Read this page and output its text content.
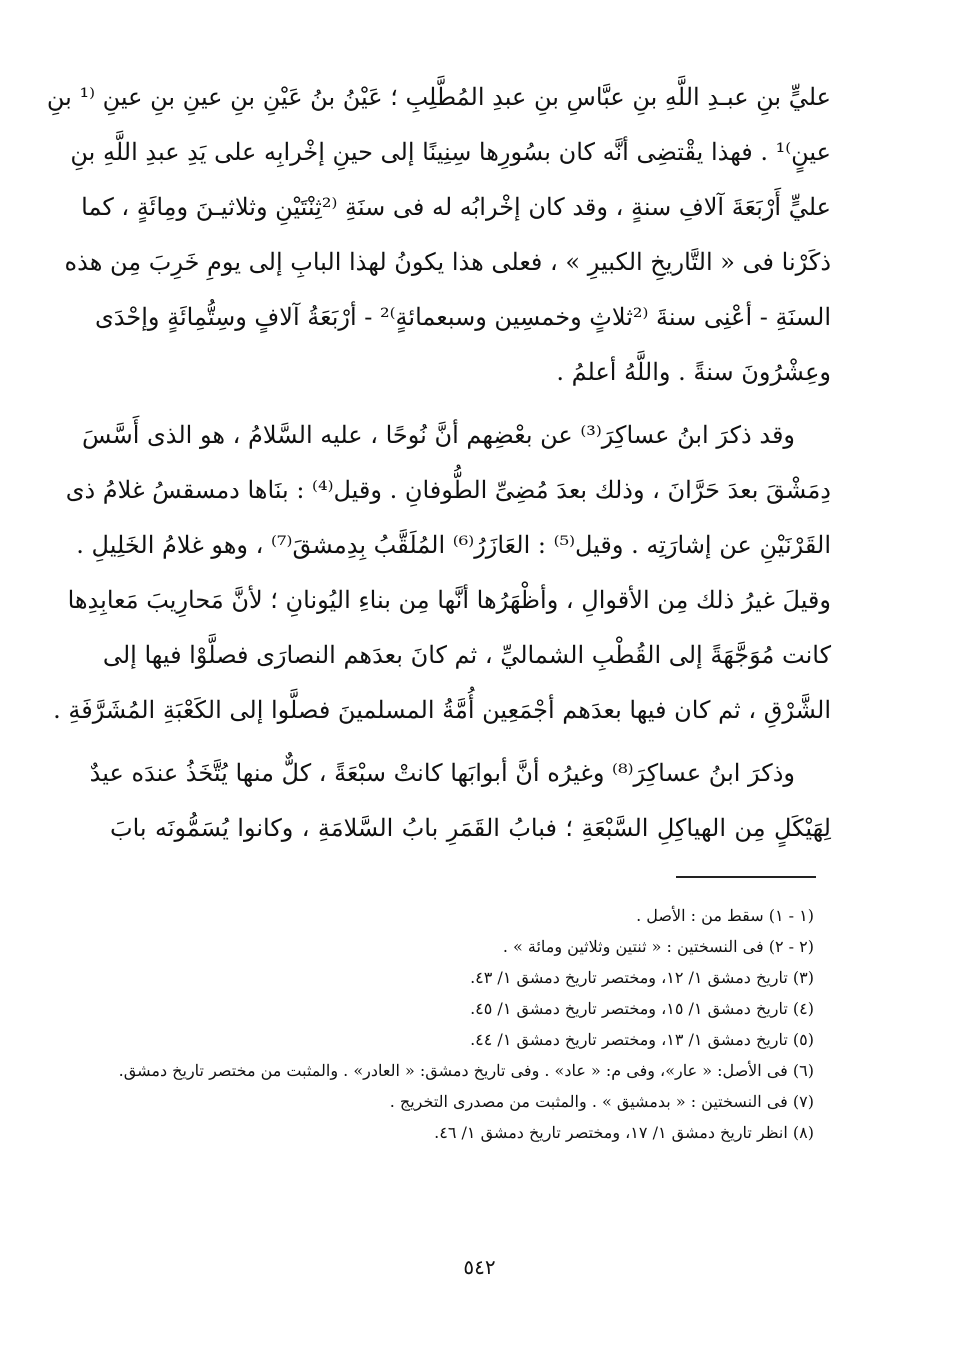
عليٍّ بنِ عبـدِ اللَّهِ بنِ عبَّاسِ بنِ عبدِ المُطَّلِبِ ؛ عَيْنُ بنُ عَيْنِ بنِ عينِ بنِ عينِ ⁽¹ بنِ
عينٍ⁾¹ . فهذا يقْتضِى أنَّه كان بسُورِها سِنِينًا إلى حينِ إخْرابِه على يَدِ عبدِ اللَّهِ بنِ
عليٍّ أَرْبَعَةَ آلافِ سنةٍ ، وقد كان إخْرابُه له فى سنَةِ ⁽²ثِنْتَيْنِ وثلاثيـنَ ومِائَةٍ ، كما
ذكَرْنا فى « التَّاريخِ الكبيرِ » ، فعلى هذا يكونُ لهذا البابِ إلى يومِ خَرِبَ مِن هذه
السنَةِ - أعْنِى سنةَ ⁽²ثلاثٍ وخمسِين وسبعمائةٍ⁾² - أرْبَعَةُ آلافٍ وسِتُّمِائَةٍ وإحْدَى
وعِشْرُونَ سنةً . واللَّهُ أعلمُ .
وقد ذكرَ ابنُ عساكِرَ⁽³⁾ عن بعْضِهم أنَّ نُوحًا ، عليه السَّلامُ ، هو الذى أَسَّسَ
دِمَشْقَ بعدَ حَرَّانَ ، وذلك بعدَ مُضِىِّ الطُّوفانِ . وقيل⁽⁴⁾ : بنَاها دمسقسُ غلامُ ذى
القَرْنَيْنِ عن إشارَتِه . وقيل⁽⁵⁾ : العَازَرُ⁽⁶⁾ المُلَقَّبُ بِدِمشقَ⁽⁷⁾ ، وهو غلامُ الخَلِيلِ .
وقيلَ غيرُ ذلك مِن الأقوالِ ، وأظْهَرُها أنَّها مِن بناءِ اليُونانِ ؛ لأنَّ مَحارِيبَ مَعابِدِها
كانت مُوَجَّهَةً إلى القُطْبِ الشماليِّ ، ثم كانَ بعدَهم النصارَى فصلَّوْا فيها إلى
الشَّرْقِ ، ثم كان فيها بعدَهم أجْمَعِين أُمَّةُ المسلمينَ فصلَّوا إلى الكَعْبَةِ المُشَرَّفَةِ .
وذكرَ ابنُ عساكِرَ⁽⁸⁾ وغيرُه أنَّ أبوابَها كانتْ سبْعَةً ، كلٌّ منها يُتَّخَذُ عندَه عيدٌ
لِهَيْكَلٍ مِن الهياكِلِ السَّبْعَةِ ؛ فبابُ القَمَرِ بابُ السَّلامَةِ ، وكانوا يُسَمُّونَه بابَ
(١ - ١) سقط من : الأصل .
(٢ - ٢) فى النسختين : « ثنتين وثلاثين ومائة » .
(٣) تاريخ دمشق ١/ ١٢، ومختصر تاريخ دمشق ١/ ٤٣.
(٤) تاريخ دمشق ١/ ١٥، ومختصر تاريخ دمشق ١/ ٤٥.
(٥) تاريخ دمشق ١/ ١٣، ومختصر تاريخ دمشق ١/ ٤٤.
(٦) فى الأصل: « عار»، وفى م: « عاد» . وفى تاريخ دمشق: « العادر» . والمثبت من مختصر تاريخ دمشق.
(٧) فى النسختين : « بدمشيق » . والمثبت من مصدرى التخريج .
(٨) انظر تاريخ دمشق ١/ ١٧، ومختصر تاريخ دمشق ١/ ٤٦.
٥٤٢
